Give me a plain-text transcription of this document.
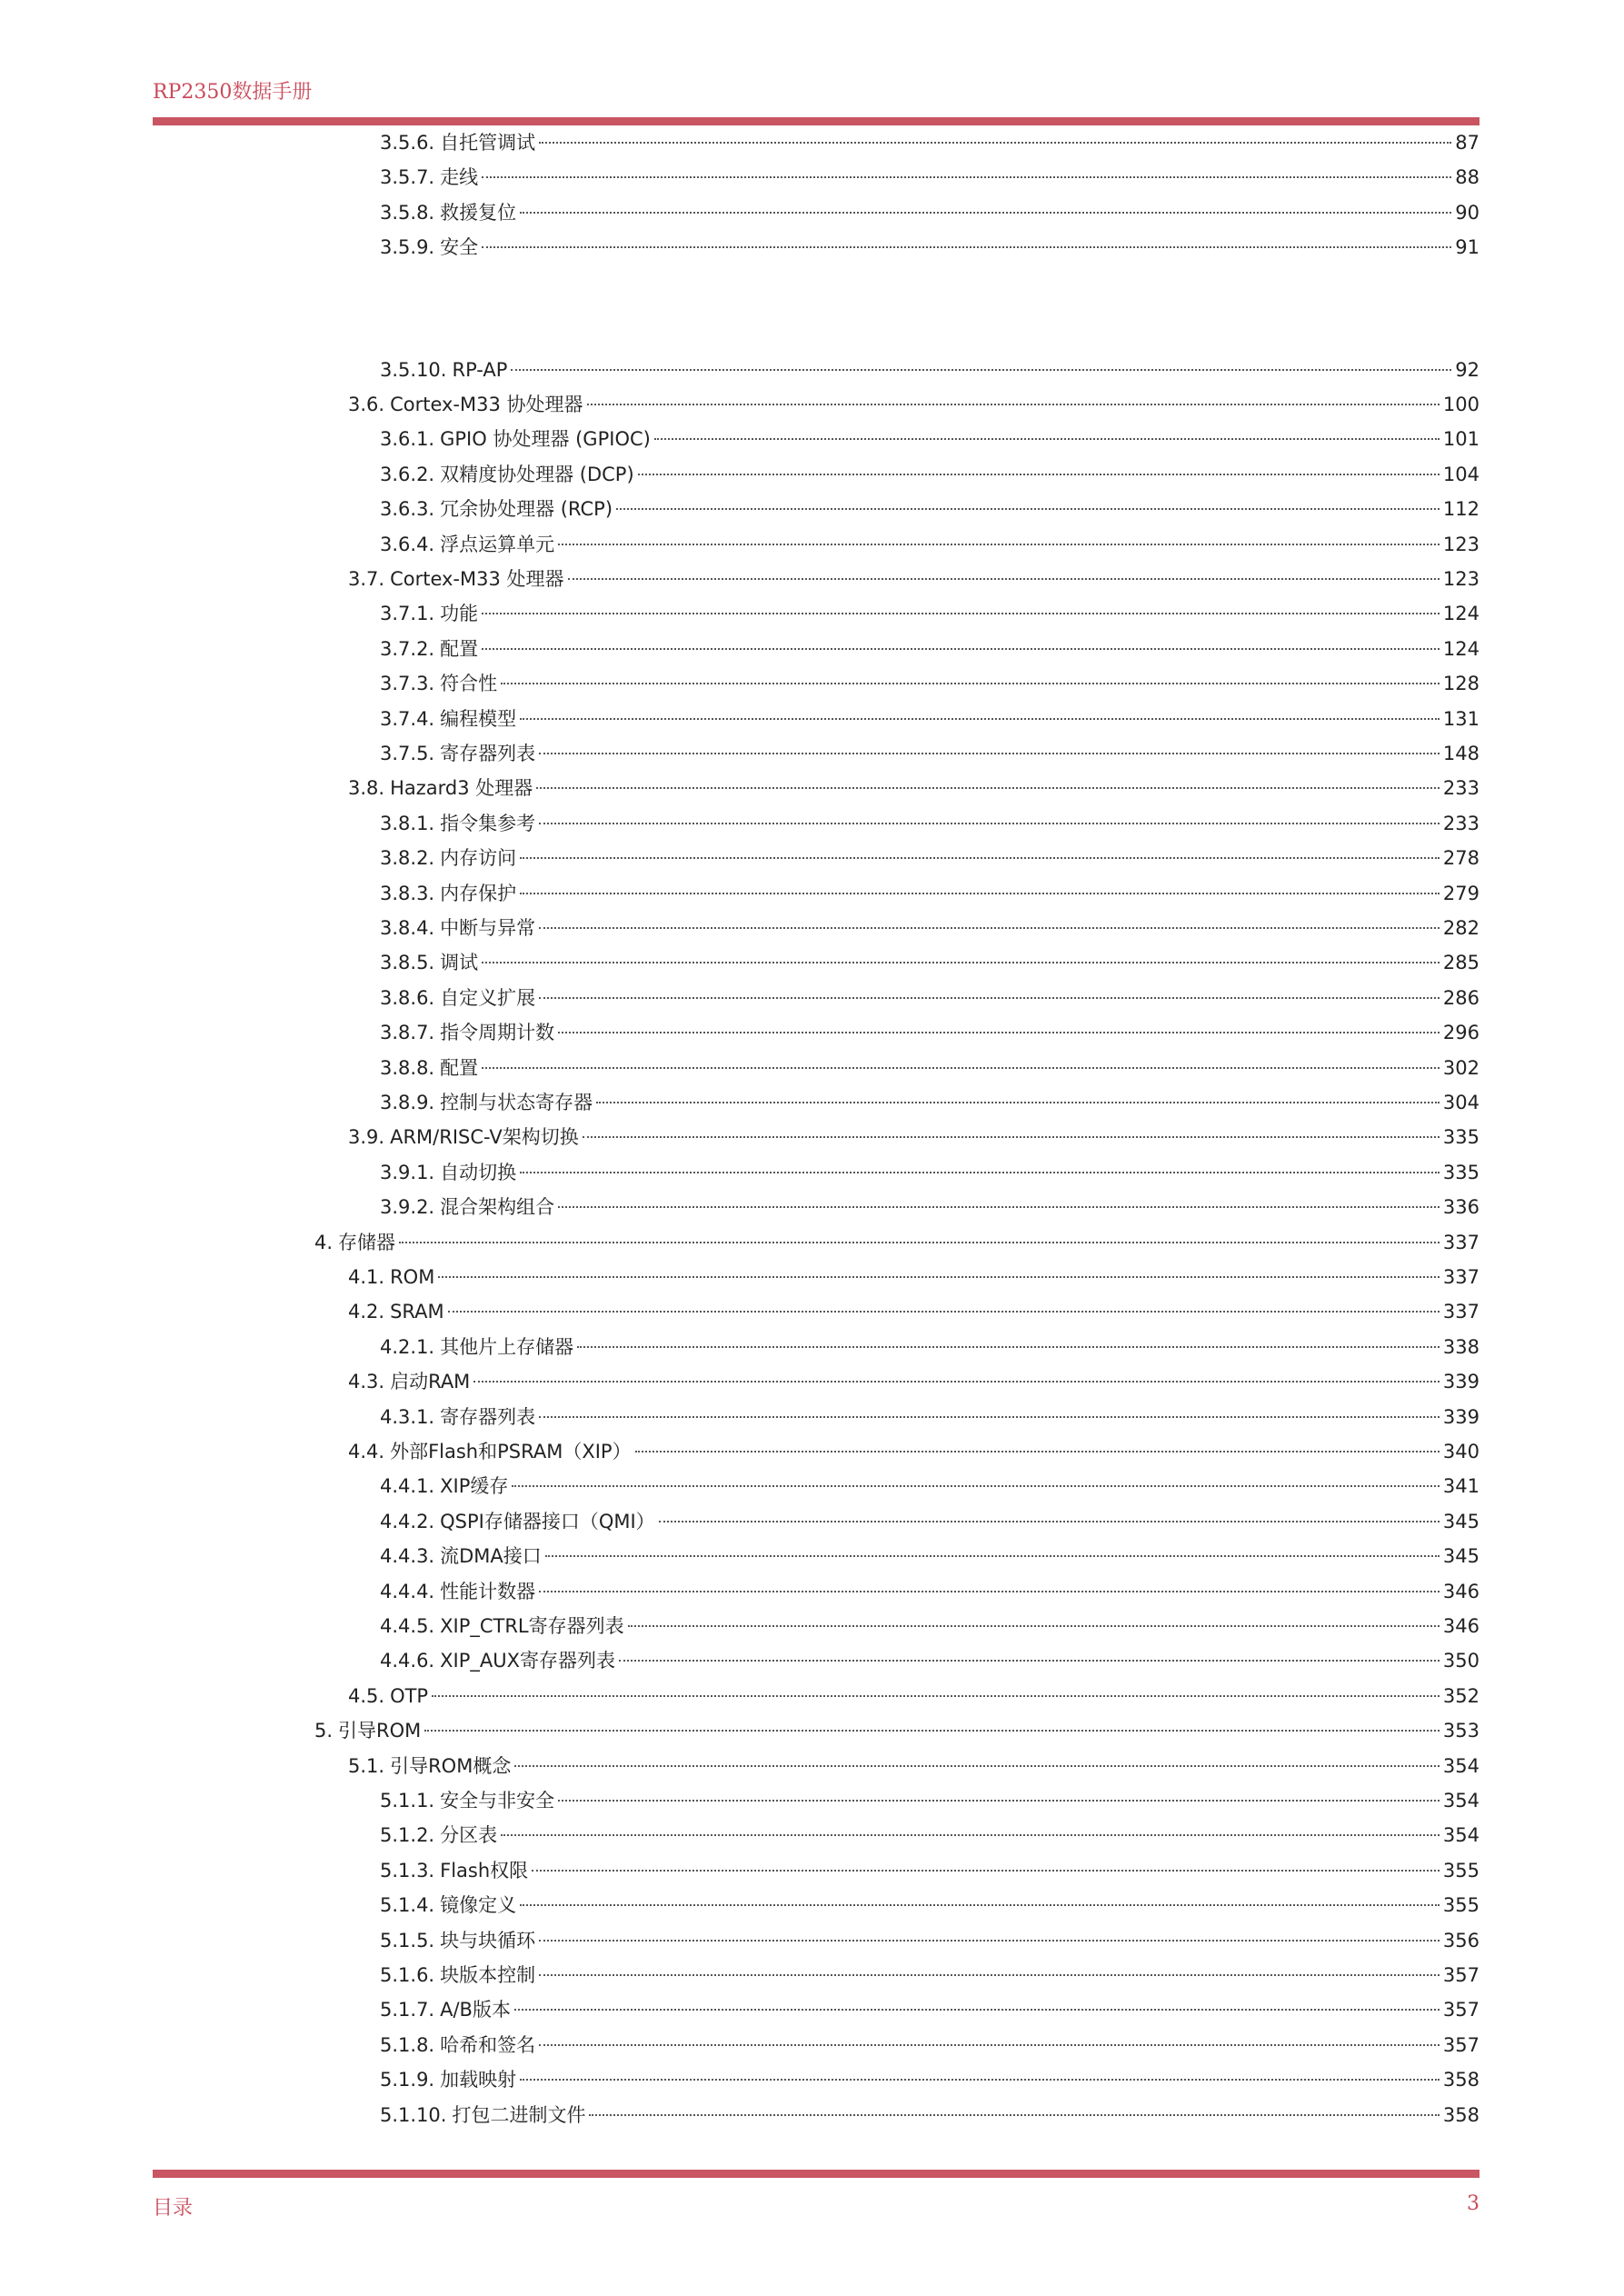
RP2350数据手册
3.5.6. 自托管调试	87
3.5.7. 走线	88
3.5.8. 救援复位	90
3.5.9. 安全	91
3.5.10. RP-AP	92
3.6. Cortex-M33 协处理器	100
3.6.1. GPIO 协处理器 (GPIOC)	101
3.6.2. 双精度协处理器 (DCP)	104
3.6.3. 冗余协处理器 (RCP)	112
3.6.4. 浮点运算单元	123
3.7. Cortex-M33 处理器	123
3.7.1. 功能	124
3.7.2. 配置	124
3.7.3. 符合性	128
3.7.4. 编程模型	131
3.7.5. 寄存器列表	148
3.8. Hazard3 处理器	233
3.8.1. 指令集参考	233
3.8.2. 内存访问	278
3.8.3. 内存保护	279
3.8.4. 中断与异常	282
3.8.5. 调试	285
3.8.6. 自定义扩展	286
3.8.7. 指令周期计数	296
3.8.8. 配置	302
3.8.9. 控制与状态寄存器	304
3.9. ARM/RISC-V架构切换	335
3.9.1. 自动切换	335
3.9.2. 混合架构组合	336
4. 存储器	337
4.1. ROM	337
4.2. SRAM	337
4.2.1. 其他片上存储器	338
4.3. 启动RAM	339
4.3.1. 寄存器列表	339
4.4. 外部Flash和PSRAM（XIP）	340
4.4.1. XIP缓存	341
4.4.2. QSPI存储器接口（QMI）	345
4.4.3. 流DMA接口	345
4.4.4. 性能计数器	346
4.4.5. XIP_CTRL寄存器列表	346
4.4.6. XIP_AUX寄存器列表	350
4.5. OTP	352
5. 引导ROM	353
5.1. 引导ROM概念	354
5.1.1. 安全与非安全	354
5.1.2. 分区表	354
5.1.3. Flash权限	355
5.1.4. 镜像定义	355
5.1.5. 块与块循环	356
5.1.6. 块版本控制	357
5.1.7. A/B版本	357
5.1.8. 哈希和签名	357
5.1.9. 加载映射	358
5.1.10. 打包二进制文件	358
目录	3
